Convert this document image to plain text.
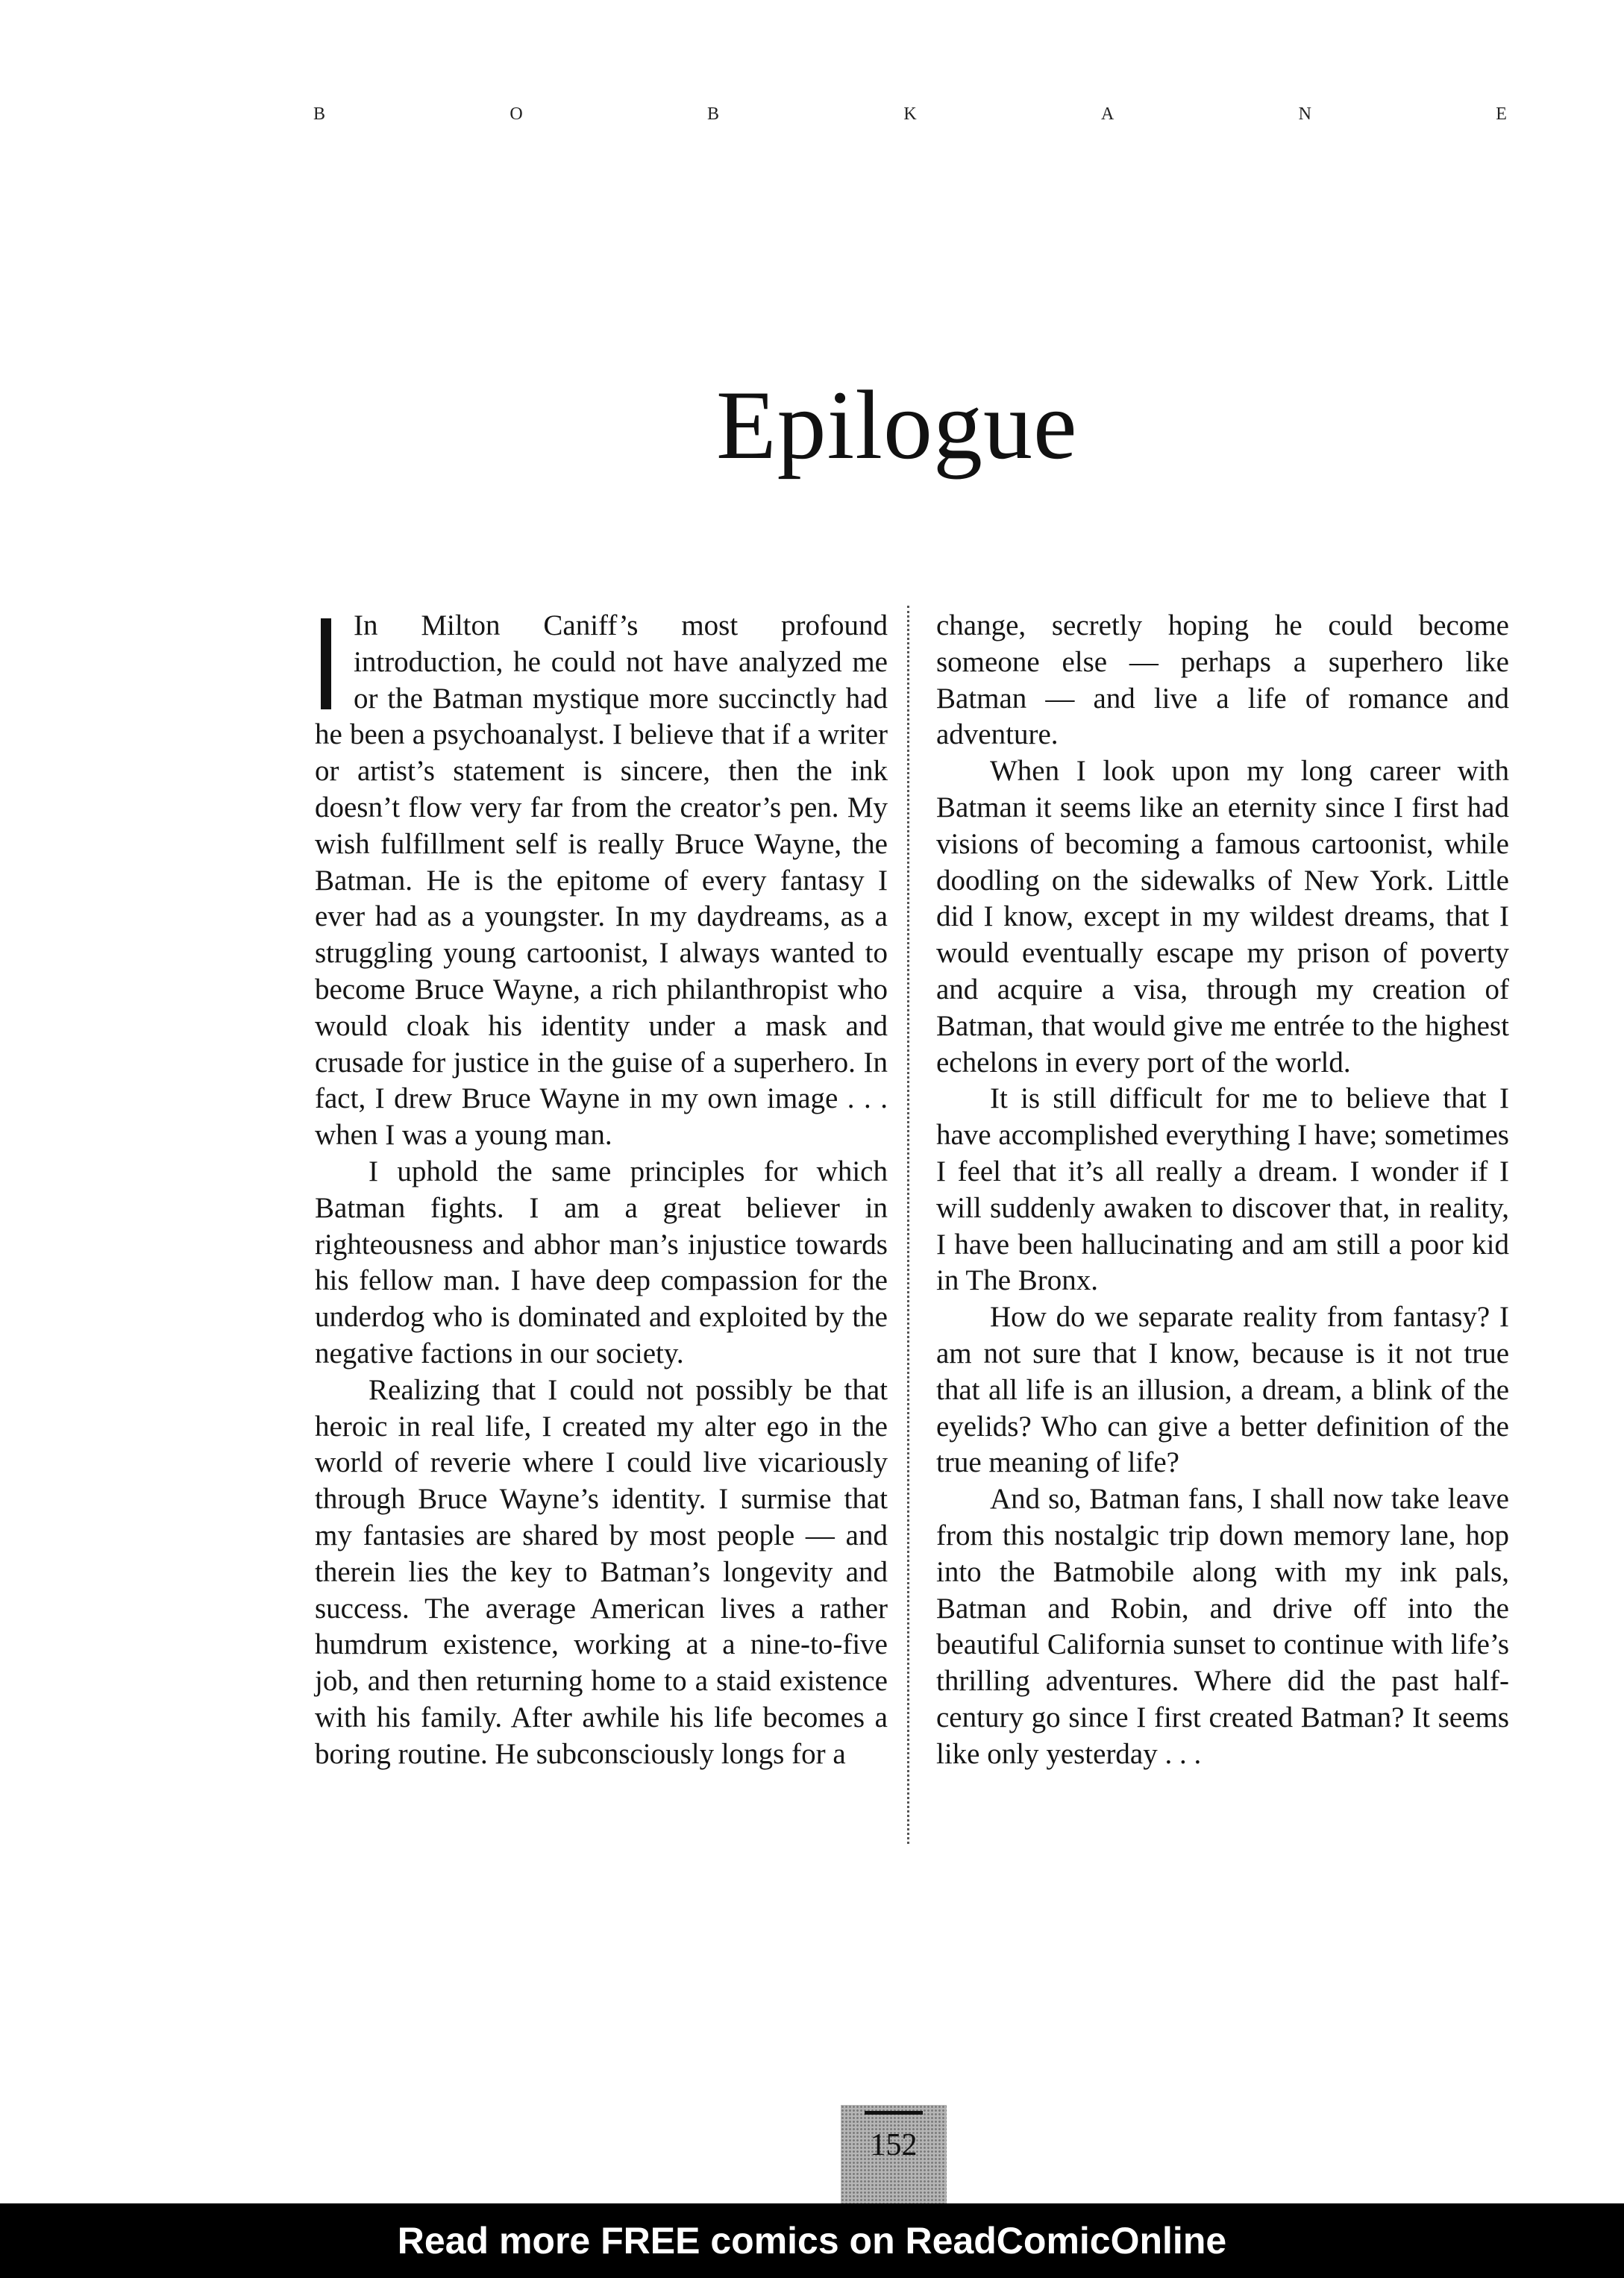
B	O	B	K	A	N	E
Epilogue

In Milton Caniff’s most profound introduction, he could not have analyzed me or the Batman mystique more succinctly had he been a psychoanalyst. I believe that if a writer or artist’s statement is sincere, then the ink doesn’t flow very far from the creator’s pen. My wish fulfillment self is really Bruce Wayne, the Batman. He is the epitome of every fantasy I ever had as a youngster. In my daydreams, as a struggling young cartoonist, I always wanted to become Bruce Wayne, a rich philanthropist who would cloak his identity under a mask and crusade for justice in the guise of a superhero. In fact, I drew Bruce Wayne in my own image . . . when I was a young man.

I uphold the same principles for which Batman fights. I am a great believer in righteousness and abhor man’s injustice towards his fellow man. I have deep compassion for the underdog who is dominated and exploited by the negative factions in our society.

Realizing that I could not possibly be that heroic in real life, I created my alter ego in the world of reverie where I could live vicariously through Bruce Wayne’s identity. I surmise that my fantasies are shared by most people — and therein lies the key to Batman’s longevity and success. The average American lives a rather humdrum existence, working at a nine-to-five job, and then returning home to a staid existence with his family. After awhile his life becomes a boring routine. He subconsciously longs for a

change, secretly hoping he could become someone else — perhaps a superhero like Batman — and live a life of romance and adventure.

When I look upon my long career with Batman it seems like an eternity since I first had visions of becoming a famous cartoonist, while doodling on the sidewalks of New York. Little did I know, except in my wildest dreams, that I would eventually escape my prison of poverty and acquire a visa, through my creation of Batman, that would give me entrée to the highest echelons in every port of the world.

It is still difficult for me to believe that I have accomplished everything I have; sometimes I feel that it’s all really a dream. I wonder if I will suddenly awaken to discover that, in reality, I have been hallucinating and am still a poor kid in The Bronx.

How do we separate reality from fantasy? I am not sure that I know, because is it not true that all life is an illusion, a dream, a blink of the eyelids? Who can give a better definition of the true meaning of life?

And so, Batman fans, I shall now take leave from this nostalgic trip down memory lane, hop into the Batmobile along with my ink pals, Batman and Robin, and drive off into the beautiful California sunset to continue with life’s thrilling adventures. Where did the past half-century go since I first created Batman? It seems like only yesterday . . .

152
Read more FREE comics on ReadComicOnline
